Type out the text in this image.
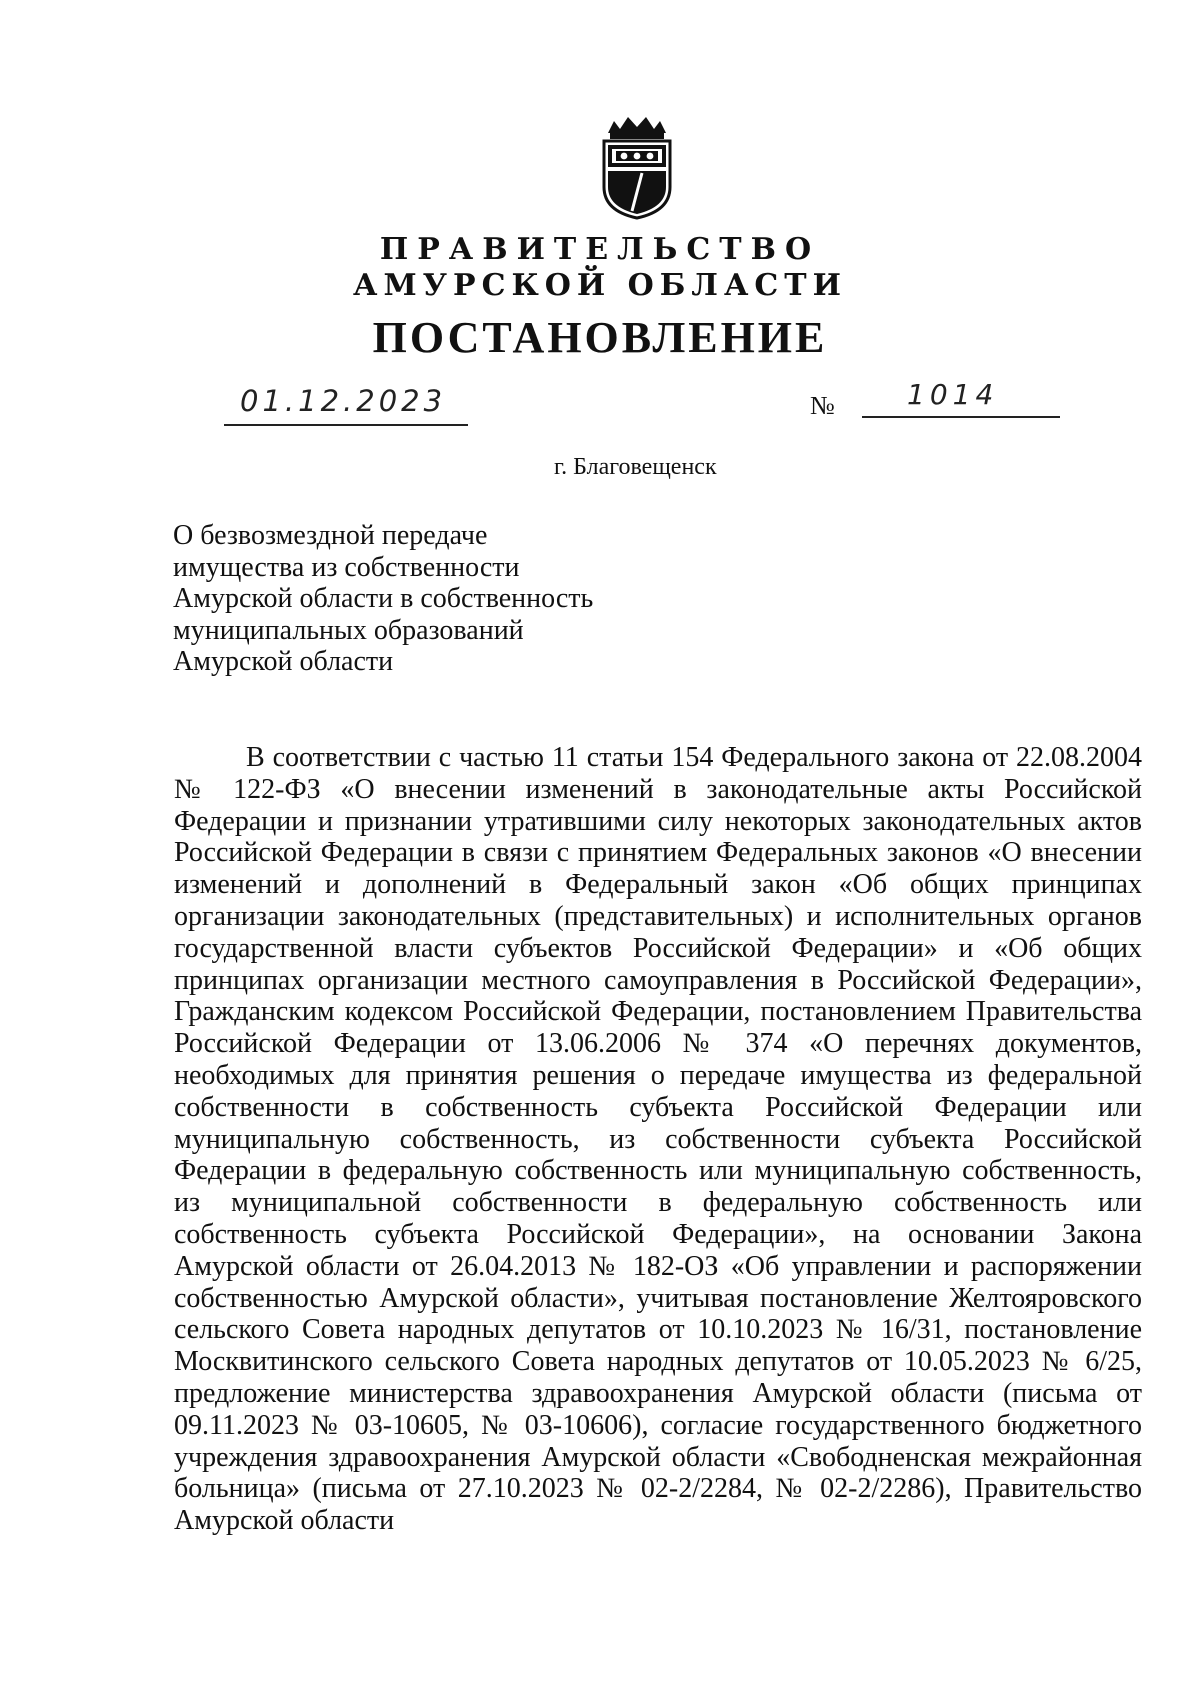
ПРАВИТЕЛЬСТВО
АМУРСКОЙ ОБЛАСТИ
ПОСТАНОВЛЕНИЕ
01.12.2023	№	1014
г. Благовещенск
О безвозмездной передаче
имущества из собственности
Амурской области в собственность
муниципальных образований
Амурской области
В соответствии с частью 11 статьи 154 Федерального закона от 22.08.2004
№ 122-ФЗ «О внесении изменений в законодательные акты Российской
Федерации и признании утратившими силу некоторых законодательных актов
Российской Федерации в связи с принятием Федеральных законов «О внесении
изменений и дополнений в Федеральный закон «Об общих принципах
организации законодательных (представительных) и исполнительных органов
государственной власти субъектов Российской Федерации» и «Об общих
принципах организации местного самоуправления в Российской Федерации»,
Гражданским кодексом Российской Федерации, постановлением Правительства
Российской Федерации от 13.06.2006 № 374 «О перечнях документов,
необходимых для принятия решения о передаче имущества из федеральной
собственности в собственность субъекта Российской Федерации или
муниципальную собственность, из собственности субъекта Российской
Федерации в федеральную собственность или муниципальную собственность,
из муниципальной собственности в федеральную собственность или
собственность субъекта Российской Федерации», на основании Закона
Амурской области от 26.04.2013 № 182-ОЗ «Об управлении и распоряжении
собственностью Амурской области», учитывая постановление Желтояровского
сельского Совета народных депутатов от 10.10.2023 № 16/31, постановление
Москвитинского сельского Совета народных депутатов от 10.05.2023 № 6/25,
предложение министерства здравоохранения Амурской области (письма от
09.11.2023 № 03-10605, № 03-10606), согласие государственного бюджетного
учреждения здравоохранения Амурской области «Свободненская межрайонная
больница» (письма от 27.10.2023 № 02-2/2284, № 02-2/2286), Правительство
Амурской области
